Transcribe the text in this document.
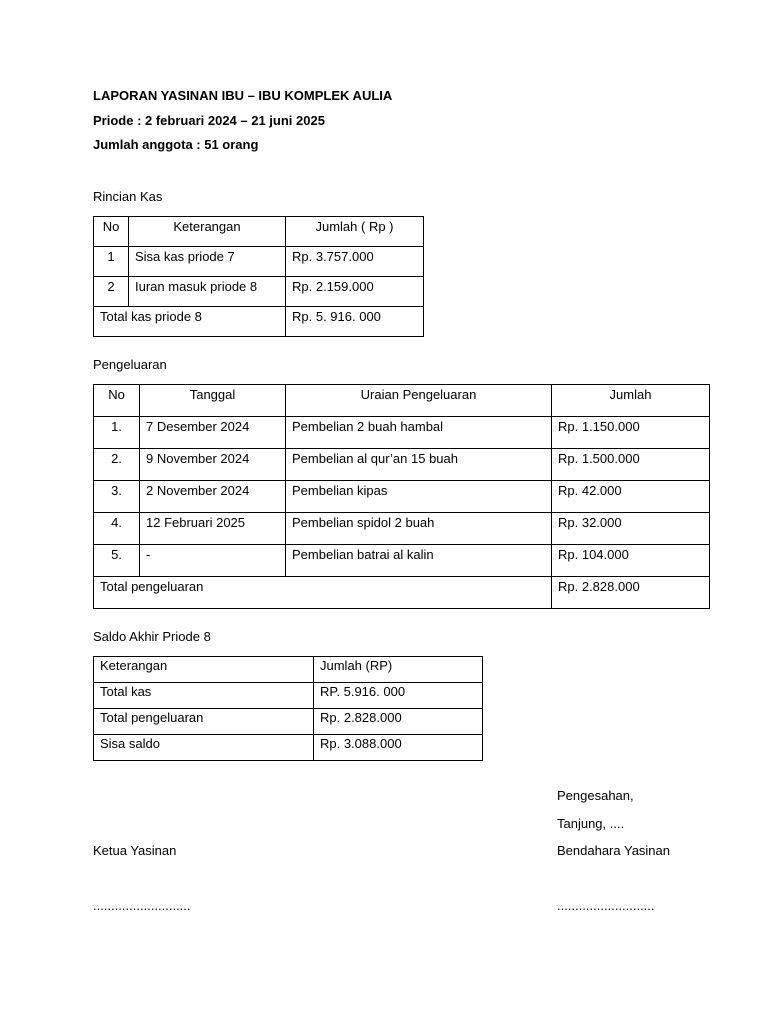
LAPORAN YASINAN IBU – IBU KOMPLEK AULIA
Priode : 2 februari 2024 – 21 juni 2025
Jumlah anggota : 51 orang
Rincian Kas
No	Keterangan	Jumlah ( Rp )
1	Sisa kas priode 7	Rp. 3.757.000
2	Iuran masuk priode 8	Rp. 2.159.000
Total kas priode 8		Rp. 5. 916. 000
Pengeluaran
No	Tanggal	Uraian Pengeluaran	Jumlah
1.	7 Desember 2024	Pembelian 2 buah hambal	Rp. 1.150.000
2.	9 November 2024	Pembelian al qur’an 15 buah	Rp. 1.500.000
3.	2 November 2024	Pembelian kipas	Rp. 42.000
4.	12 Februari 2025	Pembelian spidol 2 buah	Rp. 32.000
5.	-	Pembelian batrai al kalin	Rp. 104.000
Total pengeluaran			Rp. 2.828.000
Saldo Akhir Priode 8
Keterangan	Jumlah (RP)
Total kas	RP. 5.916. 000
Total pengeluaran	Rp. 2.828.000
Sisa saldo	Rp. 3.088.000
Pengesahan,
Tanjung, ....
Ketua Yasinan	Bendahara Yasinan
...........................	...........................
